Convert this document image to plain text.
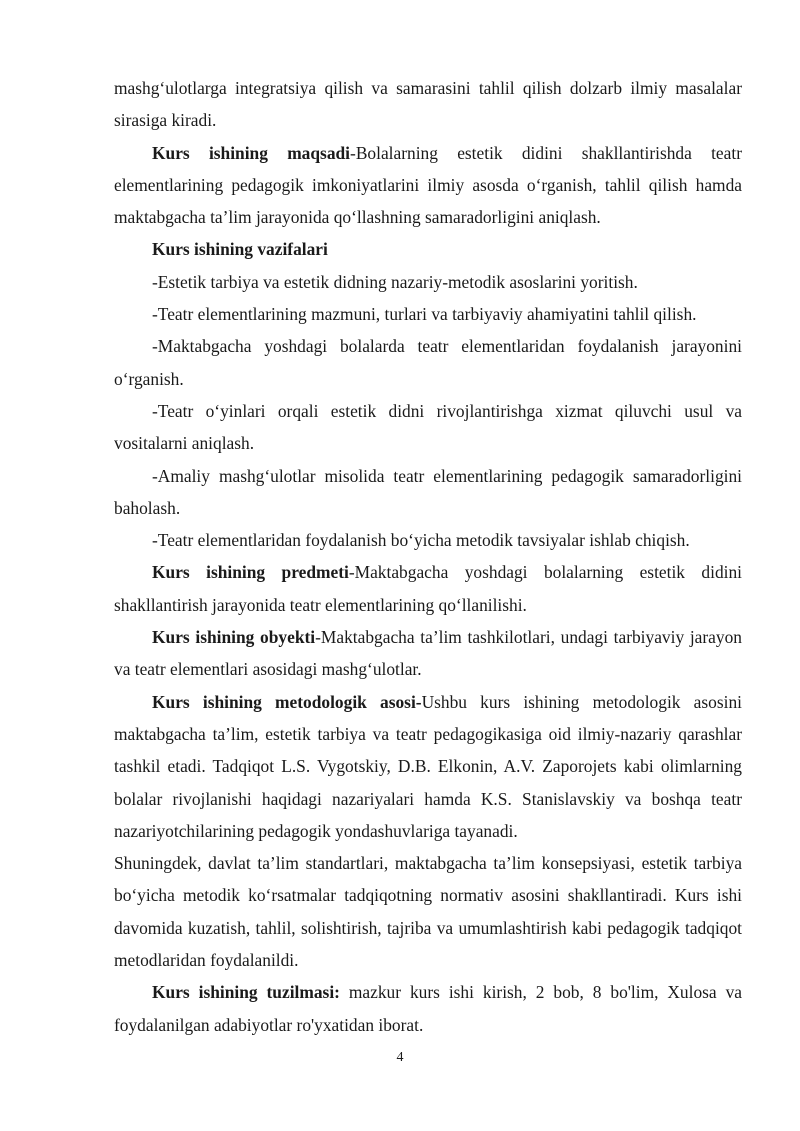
mashg‘ulotlarga integratsiya qilish va samarasini tahlil qilish dolzarb ilmiy masalalar sirasiga kiradi.

Kurs ishining maqsadi-Bolalarning estetik didini shakllantirishda teatr elementlarining pedagogik imkoniyatlarini ilmiy asosda o‘rganish, tahlil qilish hamda maktabgacha ta’lim jarayonida qo‘llashning samaradorligini aniqlash.

Kurs ishining vazifalari

-Estetik tarbiya va estetik didning nazariy-metodik asoslarini yoritish.

-Teatr elementlarining mazmuni, turlari va tarbiyaviy ahamiyatini tahlil qilish.

-Maktabgacha yoshdagi bolalarda teatr elementlaridan foydalanish jarayonini o‘rganish.

-Teatr o‘yinlari orqali estetik didni rivojlantirishga xizmat qiluvchi usul va vositalarni aniqlash.

-Amaliy mashg‘ulotlar misolida teatr elementlarining pedagogik samaradorligini baholash.

-Teatr elementlaridan foydalanish bo‘yicha metodik tavsiyalar ishlab chiqish.

Kurs ishining predmeti-Maktabgacha yoshdagi bolalarning estetik didini shakllantirish jarayonida teatr elementlarining qo‘llanilishi.

Kurs ishining obyekti-Maktabgacha ta’lim tashkilotlari, undagi tarbiyaviy jarayon va teatr elementlari asosidagi mashg‘ulotlar.

Kurs ishining metodologik asosi-Ushbu kurs ishining metodologik asosini maktabgacha ta’lim, estetik tarbiya va teatr pedagogikasiga oid ilmiy-nazariy qarashlar tashkil etadi. Tadqiqot L.S. Vygotskiy, D.B. Elkonin, A.V. Zaporojets kabi olimlarning bolalar rivojlanishi haqidagi nazariyalari hamda K.S. Stanislavskiy va boshqa teatr nazariyotchilarining pedagogik yondashuvlariga tayanadi.

Shuningdek, davlat ta’lim standartlari, maktabgacha ta’lim konsepsiyasi, estetik tarbiya bo‘yicha metodik ko‘rsatmalar tadqiqotning normativ asosini shakllantiradi. Kurs ishi davomida kuzatish, tahlil, solishtirish, tajriba va umumlashtirish kabi pedagogik tadqiqot metodlaridan foydalanildi.

Kurs ishining tuzilmasi: mazkur kurs ishi kirish, 2 bob, 8 bo'lim, Xulosa va foydalanilgan adabiyotlar ro'yxatidan iborat.

4
